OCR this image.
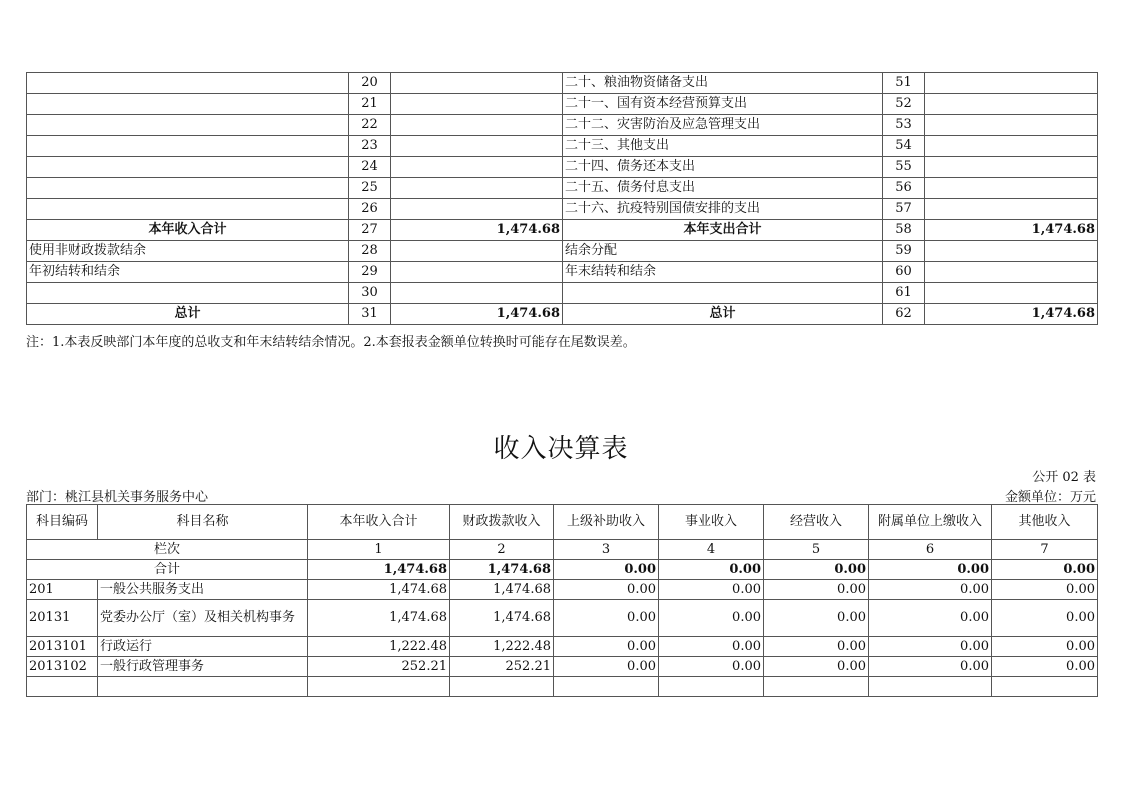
	20		二十、粮油物资储备支出	51	
	21		二十一、国有资本经营预算支出	52	
	22		二十二、灾害防治及应急管理支出	53	
	23		二十三、其他支出	54	
	24		二十四、债务还本支出	55	
	25		二十五、债务付息支出	56	
	26		二十六、抗疫特别国债安排的支出	57	
本年收入合计	27	1,474.68	本年支出合计	58	1,474.68
使用非财政拨款结余	28		结余分配	59	
年初结转和结余	29		年末结转和结余	60	
	30			61	
总计	31	1,474.68	总计	62	1,474.68
注：1.本表反映部门本年度的总收支和年末结转结余情况。2.本套报表金额单位转换时可能存在尾数误差。
收入决算表
公开 02 表
部门：桃江县机关事务服务中心	金额单位：万元
科目编码	科目名称	本年收入合计	财政拨款收入	上级补助收入	事业收入	经营收入	附属单位上缴收入	其他收入
栏次		1	2	3	4	5	6	7
合计		1,474.68	1,474.68	0.00	0.00	0.00	0.00	0.00
201	一般公共服务支出	1,474.68	1,474.68	0.00	0.00	0.00	0.00	0.00
20131	党委办公厅（室）及相关机构事务	1,474.68	1,474.68	0.00	0.00	0.00	0.00	0.00
2013101	行政运行	1,222.48	1,222.48	0.00	0.00	0.00	0.00	0.00
2013102	一般行政管理事务	252.21	252.21	0.00	0.00	0.00	0.00	0.00
